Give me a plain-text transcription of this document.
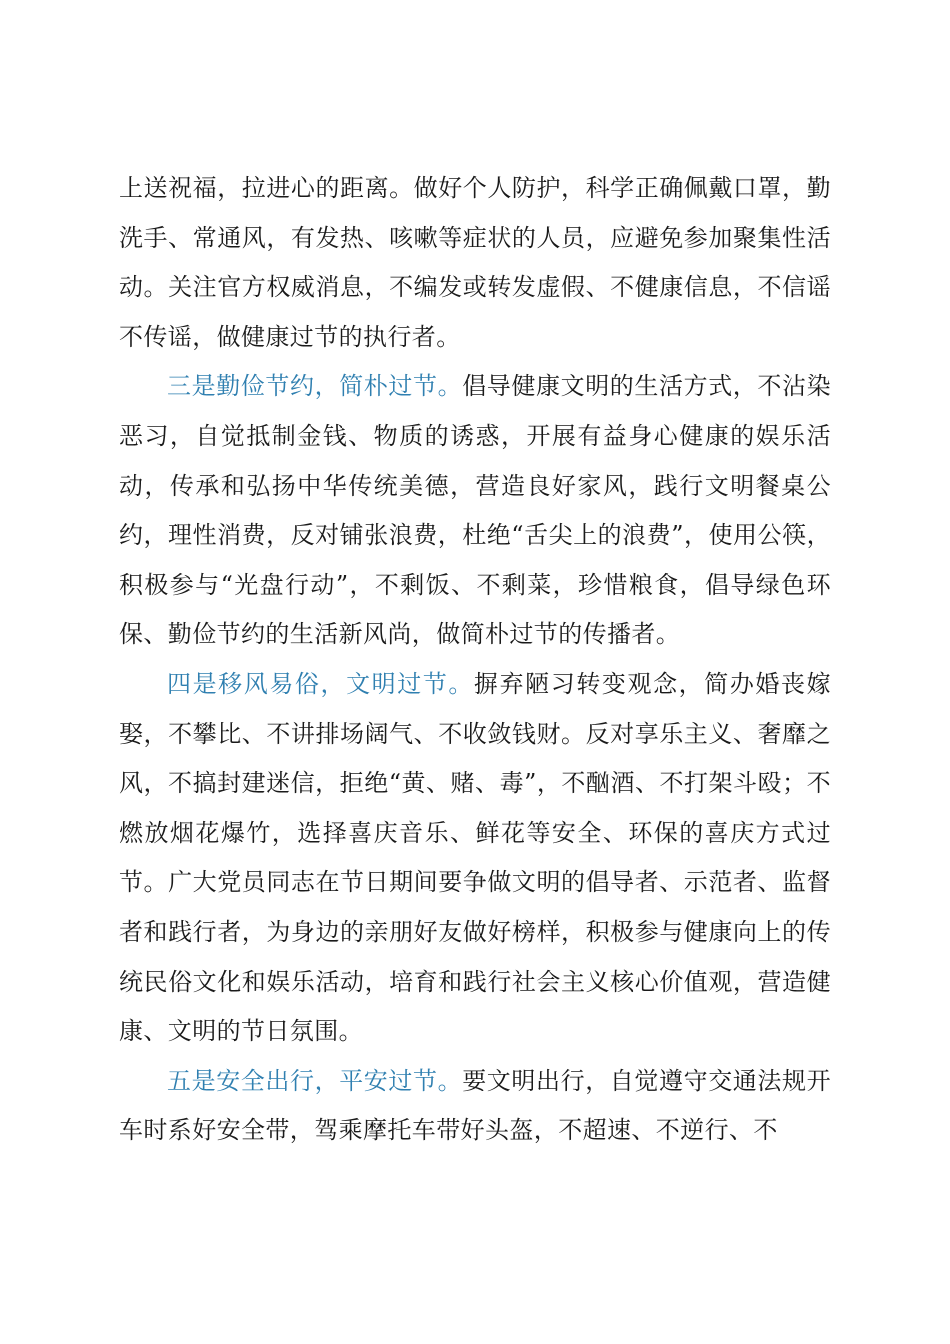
上送祝福，拉进心的距离。做好个人防护，科学正确佩戴口罩，勤洗手、常通风，有发热、咳嗽等症状的人员，应避免参加聚集性活动。关注官方权威消息，不编发或转发虚假、不健康信息，不信谣不传谣，做健康过节的执行者。

三是勤俭节约，简朴过节。倡导健康文明的生活方式，不沾染恶习，自觉抵制金钱、物质的诱惑，开展有益身心健康的娱乐活动，传承和弘扬中华传统美德，营造良好家风，践行文明餐桌公约，理性消费，反对铺张浪费，杜绝“舌尖上的浪费”，使用公筷，积极参与“光盘行动”，不剩饭、不剩菜，珍惜粮食，倡导绿色环保、勤俭节约的生活新风尚，做简朴过节的传播者。

四是移风易俗，文明过节。摒弃陋习转变观念，简办婚丧嫁娶，不攀比、不讲排场阔气、不收敛钱财。反对享乐主义、奢靡之风，不搞封建迷信，拒绝“黄、赌、毒”，不酗酒、不打架斗殴；不燃放烟花爆竹，选择喜庆音乐、鲜花等安全、环保的喜庆方式过节。广大党员同志在节日期间要争做文明的倡导者、示范者、监督者和践行者，为身边的亲朋好友做好榜样，积极参与健康向上的传统民俗文化和娱乐活动，培育和践行社会主义核心价值观，营造健康、文明的节日氛围。

五是安全出行，平安过节。要文明出行，自觉遵守交通法规开车时系好安全带，驾乘摩托车带好头盔，不超速、不逆行、不
